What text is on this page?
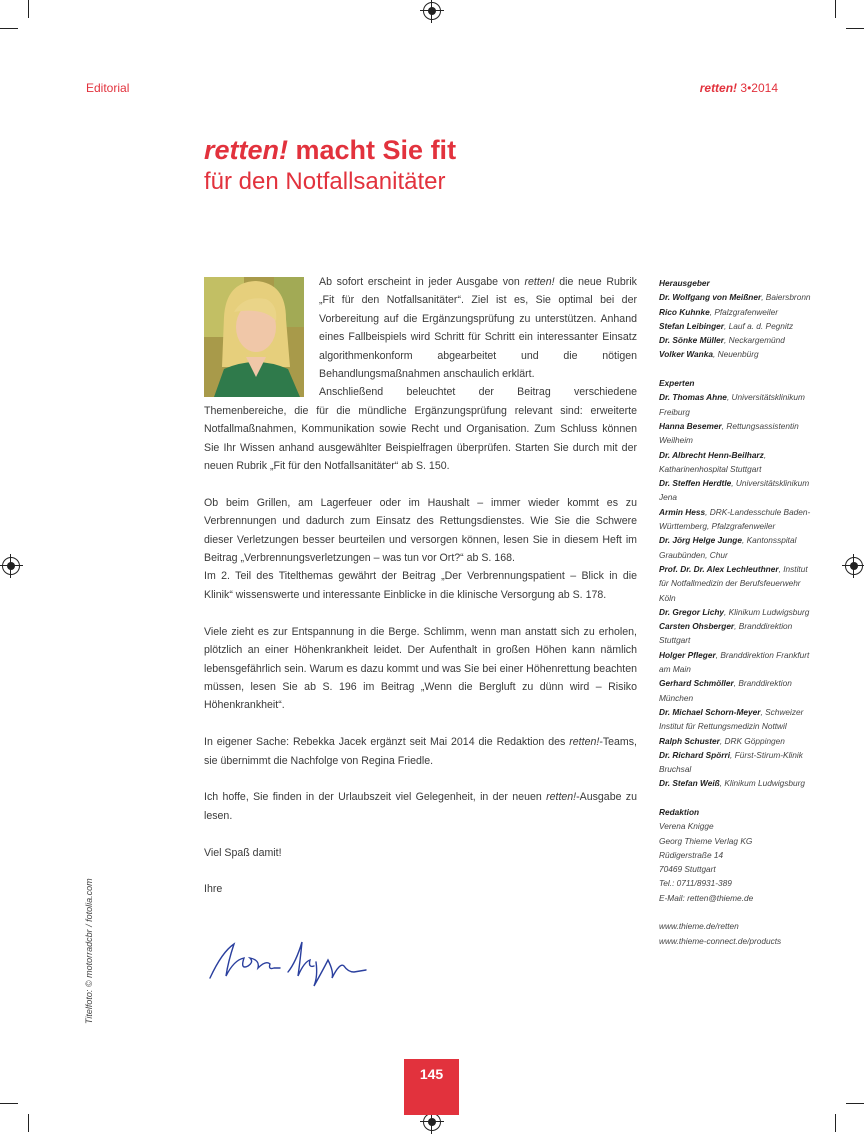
Editorial	retten! 3•2014
retten! macht Sie fit
für den Notfallsanitäter

Ab sofort erscheint in jeder Ausgabe von retten! die neue Rubrik „Fit für den Notfallsanitäter“. Ziel ist es, Sie optimal bei der Vorbereitung auf die Ergänzungsprüfung zu unterstützen. Anhand eines Fallbeispiels wird Schritt für Schritt ein interessanter Einsatz algorithmenkonform abgearbeitet und die nötigen Behandlungsmaßnahmen anschaulich erklärt.
Anschließend beleuchtet der Beitrag verschiedene Themenbereiche, die für die mündliche Ergänzungsprüfung relevant sind: erweiterte Notfallmaßnahmen, Kommunikation sowie Recht und Organisation. Zum Schluss können Sie Ihr Wissen anhand ausgewählter Beispielfragen überprüfen. Starten Sie durch mit der neuen Rubrik „Fit für den Notfallsanitäter“ ab S. 150.

Ob beim Grillen, am Lagerfeuer oder im Haushalt – immer wieder kommt es zu Verbrennungen und dadurch zum Einsatz des Rettungsdienstes. Wie Sie die Schwere dieser Verletzungen besser beurteilen und versorgen können, lesen Sie in diesem Heft im Beitrag „Verbrennungsverletzungen – was tun vor Ort?“ ab S. 168.
Im 2. Teil des Titelthemas gewährt der Beitrag „Der Verbrennungspatient – Blick in die Klinik“ wissenswerte und interessante Einblicke in die klinische Versorgung ab S. 178.

Viele zieht es zur Entspannung in die Berge. Schlimm, wenn man anstatt sich zu erholen, plötzlich an einer Höhenkrankheit leidet. Der Aufenthalt in großen Höhen kann nämlich lebensgefährlich sein. Warum es dazu kommt und was Sie bei einer Höhenrettung beachten müssen, lesen Sie ab S. 196 im Beitrag „Wenn die Bergluft zu dünn wird – Risiko Höhenkrankheit“.

In eigener Sache: Rebekka Jacek ergänzt seit Mai 2014 die Redaktion des retten!-Teams, sie übernimmt die Nachfolge von Regina Friedle.

Ich hoffe, Sie finden in der Urlaubszeit viel Gelegenheit, in der neuen retten!-Ausgabe zu lesen.

Viel Spaß damit!

Ihre

Titelfoto: © motorradcbr / fotolia.com
Herausgeber
Dr. Wolfgang von Meißner, Baiersbronn
Rico Kuhnke, Pfalzgrafenweiler
Stefan Leibinger, Lauf a. d. Pegnitz
Dr. Sönke Müller, Neckargemünd
Volker Wanka, Neuenbürg
Experten
Dr. Thomas Ahne, Universitätsklinikum Freiburg
Hanna Besemer, Rettungsassistentin Weilheim
Dr. Albrecht Henn-Beilharz, Katharinenhospital Stuttgart
Dr. Steffen Herdtle, Universitätsklinikum Jena
Armin Hess, DRK-Landesschule Baden-Württemberg, Pfalzgrafenweiler
Dr. Jörg Helge Junge, Kantonsspital Graubünden, Chur
Prof. Dr. Dr. Alex Lechleuthner, Institut für Notfallmedizin der Berufsfeuerwehr Köln
Dr. Gregor Lichy, Klinikum Ludwigsburg
Carsten Ohsberger, Branddirektion Stuttgart
Holger Pfleger, Branddirektion Frankfurt am Main
Gerhard Schmöller, Branddirektion München
Dr. Michael Schorn-Meyer, Schweizer Institut für Rettungsmedizin Nottwil
Ralph Schuster, DRK Göppingen
Dr. Richard Spörri, Fürst-Stirum-Klinik Bruchsal
Dr. Stefan Weiß, Klinikum Ludwigsburg
Redaktion
Verena Knigge
Georg Thieme Verlag KG
Rüdigerstraße 14
70469 Stuttgart
Tel.: 0711/8931-389
E-Mail: retten@thieme.de
www.thieme.de/retten
www.thieme-connect.de/products
145
